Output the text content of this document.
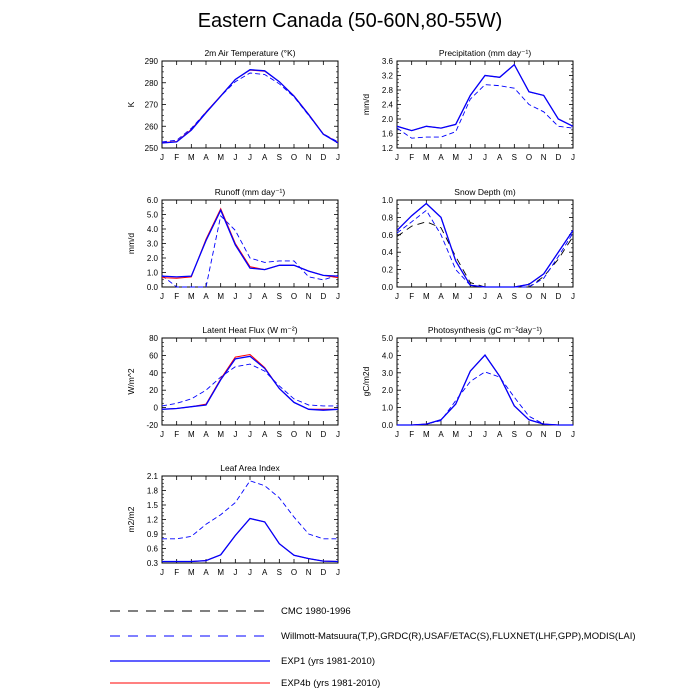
Eastern Canada (50-60N,80-55W)
2m Air Temperature (°K)
K
250
260
270
280
290
J F M A M J J A S O N D J
Precipitation (mm day⁻¹)
mm/d
1.2
1.6
2.0
2.4
2.8
3.2
3.6
J F M A M J J A S O N D J
Runoff (mm day⁻¹)
mm/d
0.0
1.0
2.0
3.0
4.0
5.0
6.0
J F M A M J J A S O N D J
Snow Depth (m)
0.0
0.2
0.4
0.6
0.8
1.0
J F M A M J J A S O N D J
Latent Heat Flux (W m⁻²)
W/m^2
-20
0
20
40
60
80
J F M A M J J A S O N D J
Photosynthesis (gC m⁻²day⁻¹)
gC/m2d
0.0
1.0
2.0
3.0
4.0
5.0
J F M A M J J A S O N D J
Leaf Area Index
m2/m2
0.3
0.6
0.9
1.2
1.5
1.8
2.1
J F M A M J J A S O N D J
CMC 1980-1996
Willmott-Matsuura(T,P),GRDC(R),USAF/ETAC(S),FLUXNET(LHF,GPP),MODIS(LAI)
EXP1 (yrs 1981-2010)
EXP4b (yrs 1981-2010)
